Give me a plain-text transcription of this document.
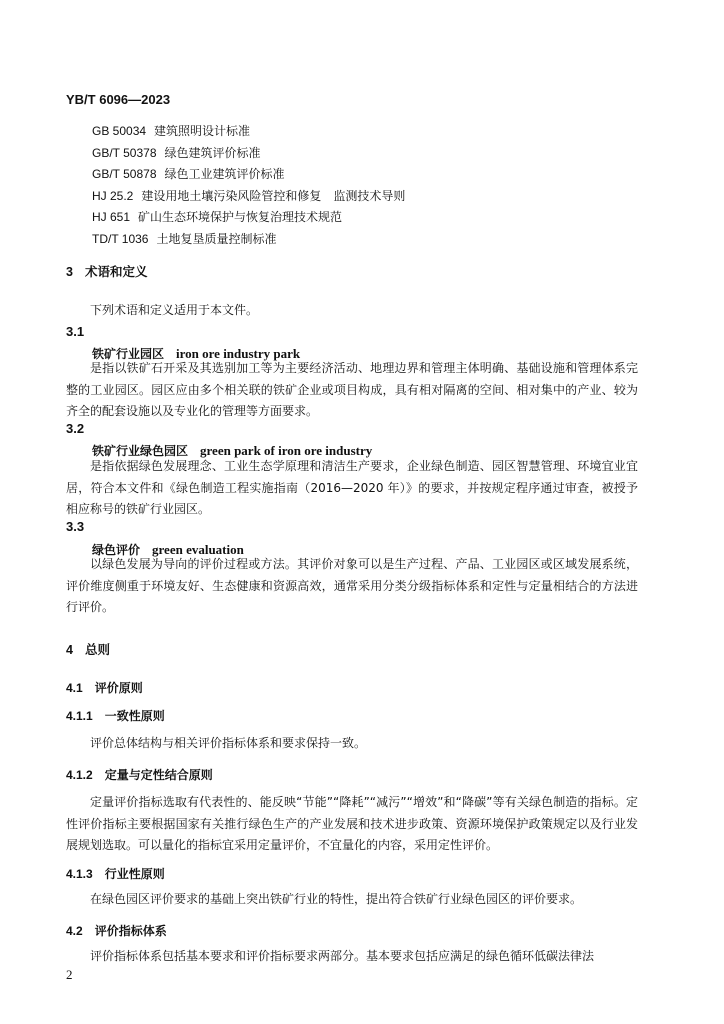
YB/T 6096—2023
GB 50034 建筑照明设计标准
GB/T 50378 绿色建筑评价标准
GB/T 50878 绿色工业建筑评价标准
HJ 25.2 建设用地土壤污染风险管控和修复　监测技术导则
HJ 651 矿山生态环境保护与恢复治理技术规范
TD/T 1036 土地复垦质量控制标准
3 术语和定义
下列术语和定义适用于本文件。
3.1
铁矿行业园区 iron ore industry park
是指以铁矿石开采及其选别加工等为主要经济活动、地理边界和管理主体明确、基础设施和管理体系完整的工业园区。园区应由多个相关联的铁矿企业或项目构成，具有相对隔离的空间、相对集中的产业、较为齐全的配套设施以及专业化的管理等方面要求。
3.2
铁矿行业绿色园区 green park of iron ore industry
是指依据绿色发展理念、工业生态学原理和清洁生产要求，企业绿色制造、园区智慧管理、环境宜业宜居，符合本文件和《绿色制造工程实施指南（2016—2020 年）》的要求，并按规定程序通过审查，被授予相应称号的铁矿行业园区。
3.3
绿色评价 green evaluation
以绿色发展为导向的评价过程或方法。其评价对象可以是生产过程、产品、工业园区或区域发展系统，评价维度侧重于环境友好、生态健康和资源高效，通常采用分类分级指标体系和定性与定量相结合的方法进行评价。
4 总则
4.1 评价原则
4.1.1 一致性原则
评价总体结构与相关评价指标体系和要求保持一致。
4.1.2 定量与定性结合原则
定量评价指标选取有代表性的、能反映“节能”“降耗”“减污”“增效”和“降碳”等有关绿色制造的指标。定性评价指标主要根据国家有关推行绿色生产的产业发展和技术进步政策、资源环境保护政策规定以及行业发展规划选取。可以量化的指标宜采用定量评价，不宜量化的内容，采用定性评价。
4.1.3 行业性原则
在绿色园区评价要求的基础上突出铁矿行业的特性，提出符合铁矿行业绿色园区的评价要求。
4.2 评价指标体系
评价指标体系包括基本要求和评价指标要求两部分。基本要求包括应满足的绿色循环低碳法律法
2
